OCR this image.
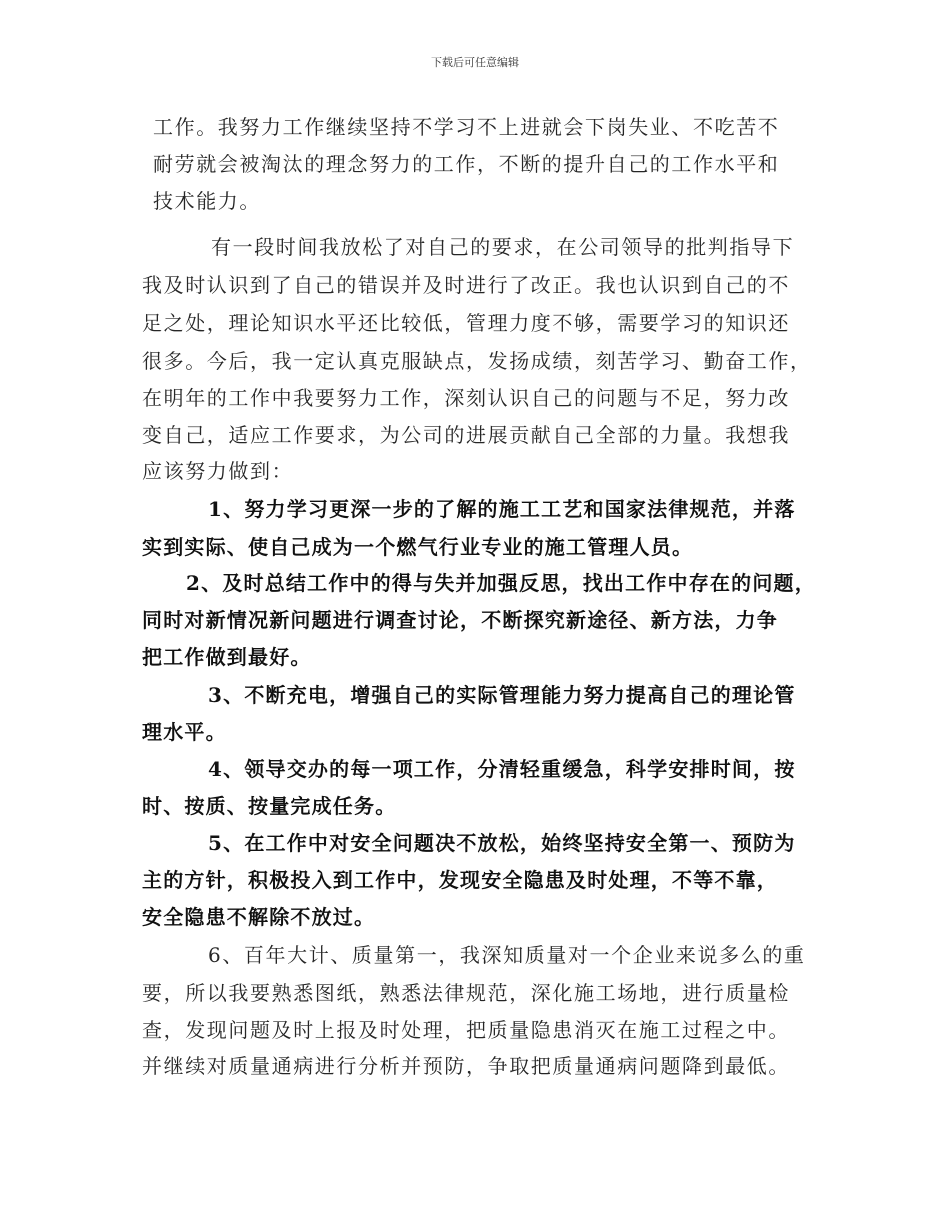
下载后可任意编辑
工作。我努力工作继续坚持不学习不上进就会下岗失业、不吃苦不
耐劳就会被淘汰的理念努力的工作，不断的提升自己的工作水平和
技术能力。
有一段时间我放松了对自己的要求，在公司领导的批判指导下
我及时认识到了自己的错误并及时进行了改正。我也认识到自己的不
足之处，理论知识水平还比较低，管理力度不够，需要学习的知识还
很多。今后，我一定认真克服缺点，发扬成绩，刻苦学习、勤奋工作，
在明年的工作中我要努力工作，深刻认识自己的问题与不足，努力改
变自己，适应工作要求，为公司的进展贡献自己全部的力量。我想我
应该努力做到：
1、努力学习更深一步的了解的施工工艺和国家法律规范，并落
实到实际、使自己成为一个燃气行业专业的施工管理人员。
2、及时总结工作中的得与失并加强反思，找出工作中存在的问题，
同时对新情况新问题进行调查讨论，不断探究新途径、新方法，力争
把工作做到最好。
3、不断充电，增强自己的实际管理能力努力提高自己的理论管
理水平。
4、领导交办的每一项工作，分清轻重缓急，科学安排时间，按
时、按质、按量完成任务。
5、在工作中对安全问题决不放松，始终坚持安全第一、预防为
主的方针，积极投入到工作中，发现安全隐患及时处理，不等不靠，
安全隐患不解除不放过。
6、百年大计、质量第一，我深知质量对一个企业来说多么的重
要，所以我要熟悉图纸，熟悉法律规范，深化施工场地，进行质量检
查，发现问题及时上报及时处理，把质量隐患消灭在施工过程之中。
并继续对质量通病进行分析并预防，争取把质量通病问题降到最低。
